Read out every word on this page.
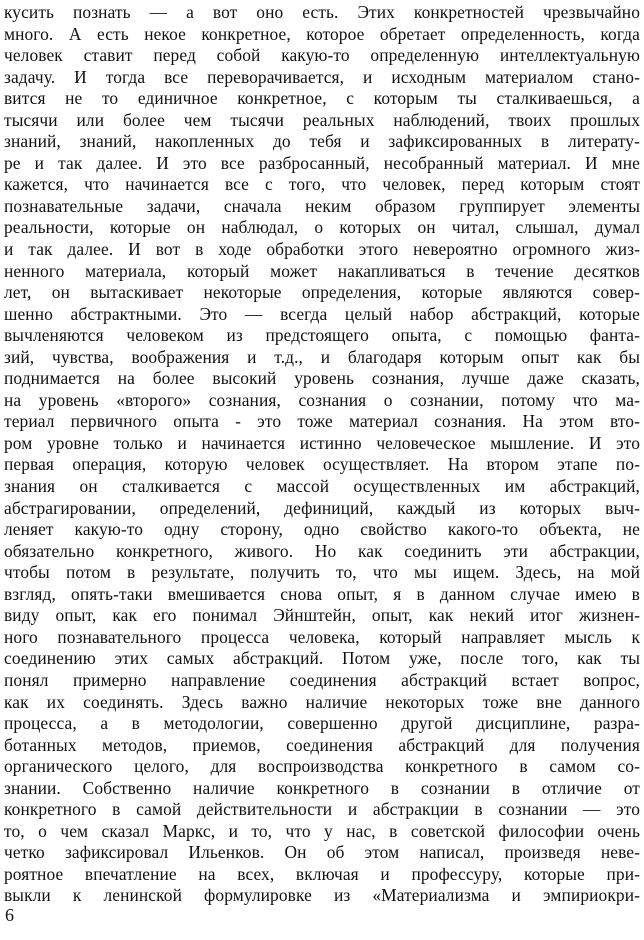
кусить познать — а вот оно есть. Этих конкретностей чрезвычайно
много. А есть некое конкретное, которое обретает определенность, когда
человек ставит перед собой какую-то определенную интеллектуальную
задачу. И тогда все переворачивается, и исходным материалом стано-
вится не то единичное конкретное, с которым ты сталкиваешься, а
тысячи или более чем тысячи реальных наблюдений, твоих прошлых
знаний, знаний, накопленных до тебя и зафиксированных в литерату-
ре и так далее. И это все разбросанный, несобранный материал. И мне
кажется, что начинается все с того, что человек, перед которым стоят
познавательные задачи, сначала неким образом группирует элементы
реальности, которые он наблюдал, о которых он читал, слышал, думал
и так далее. И вот в ходе обработки этого невероятно огромного жиз-
ненного материала, который может накапливаться в течение десятков
лет, он вытаскивает некоторые определения, которые являются совер-
шенно абстрактными. Это — всегда целый набор абстракций, которые
вычленяются человеком из предстоящего опыта, с помощью фанта-
зий, чувства, воображения и т.д., и благодаря которым опыт как бы
поднимается на более высокий уровень сознания, лучше даже сказать,
на уровень «второго» сознания, сознания о сознании, потому что ма-
териал первичного опыта - это тоже материал сознания. На этом вто-
ром уровне только и начинается истинно человеческое мышление. И это
первая операция, которую человек осуществляет. На втором этапе по-
знания он сталкивается с массой осуществленных им абстракций,
абстрагировании, определений, дефиниций, каждый из которых выч-
леняет какую-то одну сторону, одно свойство какого-то объекта, не
обязательно конкретного, живого. Но как соединить эти абстракции,
чтобы потом в результате, получить то, что мы ищем. Здесь, на мой
взгляд, опять-таки вмешивается снова опыт, я в данном случае имею в
виду опыт, как его понимал Эйнштейн, опыт, как некий итог жизнен-
ного познавательного процесса человека, который направляет мысль к
соединению этих самых абстракций. Потом уже, после того, как ты
понял примерно направление соединения абстракций встает вопрос,
как их соединять. Здесь важно наличие некоторых тоже вне данного
процесса, а в методологии, совершенно другой дисциплине, разра-
ботанных методов, приемов, соединения абстракций для получения
органического целого, для воспроизводства конкретного в самом со-
знании. Собственно наличие конкретного в сознании в отличие от
конкретного в самой действительности и абстракции в сознании — это
то, о чем сказал Маркс, и то, что у нас, в советской философии очень
четко зафиксировал Ильенков. Он об этом написал, произведя неве-
роятное впечатление на всех, включая и профессуру, которые при-
выкли к ленинской формулировке из «Материализма и эмпириокри-
6
